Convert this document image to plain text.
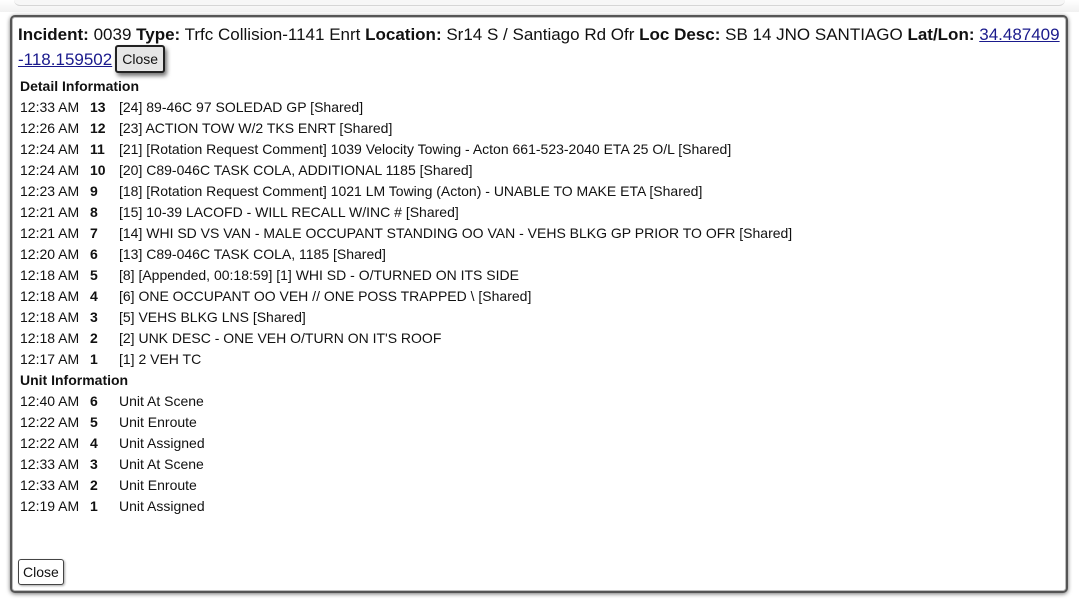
Incident: 0039 Type: Trfc Collision-1141 Enrt Location: Sr14 S / Santiago Rd Ofr Loc Desc: SB 14 JNO SANTIAGO Lat/Lon: 34.487409
-118.159502 Close
Detail Information
12:33 AM 13 [24] 89-46C 97 SOLEDAD GP [Shared]
12:26 AM 12 [23] ACTION TOW W/2 TKS ENRT [Shared]
12:24 AM 11	[21] [Rotation Request Comment] 1039 Velocity Towing - Acton 661-523-2040 ETA 25 O/L [Shared]
12:24 AM 10 [20] C89-046C TASK COLA, ADDITIONAL 1185 [Shared]
12:23 AM 9	[18] [Rotation Request Comment] 1021 LM Towing (Acton) - UNABLE TO MAKE ETA [Shared]
12:21 AM 8	[15] 10-39 LACOFD - WILL RECALL W/INC # [Shared]
12:21 AM 7	[14] WHI SD VS VAN - MALE OCCUPANT STANDING OO VAN - VEHS BLKG GP PRIOR TO OFR [Shared]
12:20 AM 6	[13] C89-046C TASK COLA, 1185 [Shared]
12:18 AM 5	[8] [Appended, 00:18:59] [1] WHI SD - O/TURNED ON ITS SIDE
12:18 AM 4	[6] ONE OCCUPANT OO VEH // ONE POSS TRAPPED \ [Shared]
12:18 AM 3	[5] VEHS BLKG LNS [Shared]
12:18 AM 2	[2] UNK DESC - ONE VEH O/TURN ON IT'S ROOF
12:17 AM 1	[1] 2 VEH TC
Unit Information
12:40 AM 6	Unit At Scene
12:22 AM 5	Unit Enroute
12:22 AM 4	Unit Assigned
12:33 AM 3	Unit At Scene
12:33 AM 2	Unit Enroute
12:19 AM 1	Unit Assigned
Close
